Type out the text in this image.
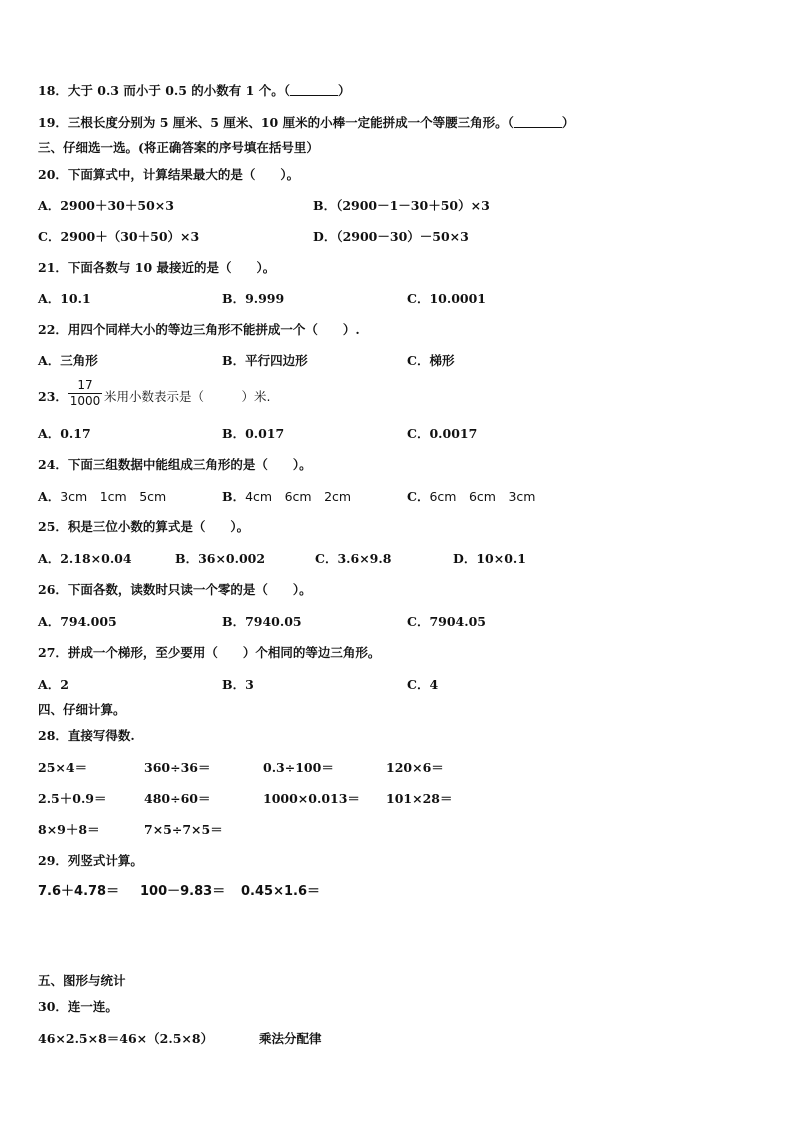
18．大于 0.3 而小于 0.5 的小数有 1 个。（	）
19．三根长度分别为 5 厘米、5 厘米、10 厘米的小棒一定能拼成一个等腰三角形。（	）
三、仔细选一选。(将正确答案的序号填在括号里）
20．下面算式中，计算结果最大的是（　　）。
A．2900＋30＋50×3	B．（2900－1－30＋50）×3
C．2900＋（30＋50）×3	D．（2900－30）－50×3
21．下面各数与 10 最接近的是（　　）。
A．10.1	B．9.999	C．10.0001
22．用四个同样大小的等边三角形不能拼成一个（　　）.
A．三角形	B．平行四边形	C．梯形
23． $\frac{17}{1000}$ 米用小数表示是（　　　）米.
A．0.17	B．0.017	C．0.0017
24．下面三组数据中能组成三角形的是（　　）。
A．3cm　1cm　5cm	B．4cm　6cm　2cm	C．6cm　6cm　3cm
25．积是三位小数的算式是（　　）。
A．2.18×0.04	B．36×0.002	C．3.6×9.8	D．10×0.1
26．下面各数，读数时只读一个零的是（　　）。
A．794.005	B．7940.05	C．7904.05
27．拼成一个梯形，至少要用（　　）个相同的等边三角形。
A．2	B．3	C．4
四、仔细计算。
28．直接写得数.
25×4＝	360÷36＝	0.3÷100＝	120×6＝
2.5＋0.9＝	480÷60＝	1000×0.013＝ 101×28＝
8×9＋8＝	7×5÷7×5＝
29．列竖式计算。
7.6＋4.78＝ 100－9.83＝ 0.45×1.6＝
五、图形与统计
30．连一连。
46×2.5×8＝46×（2.5×8）	乘法分配律
